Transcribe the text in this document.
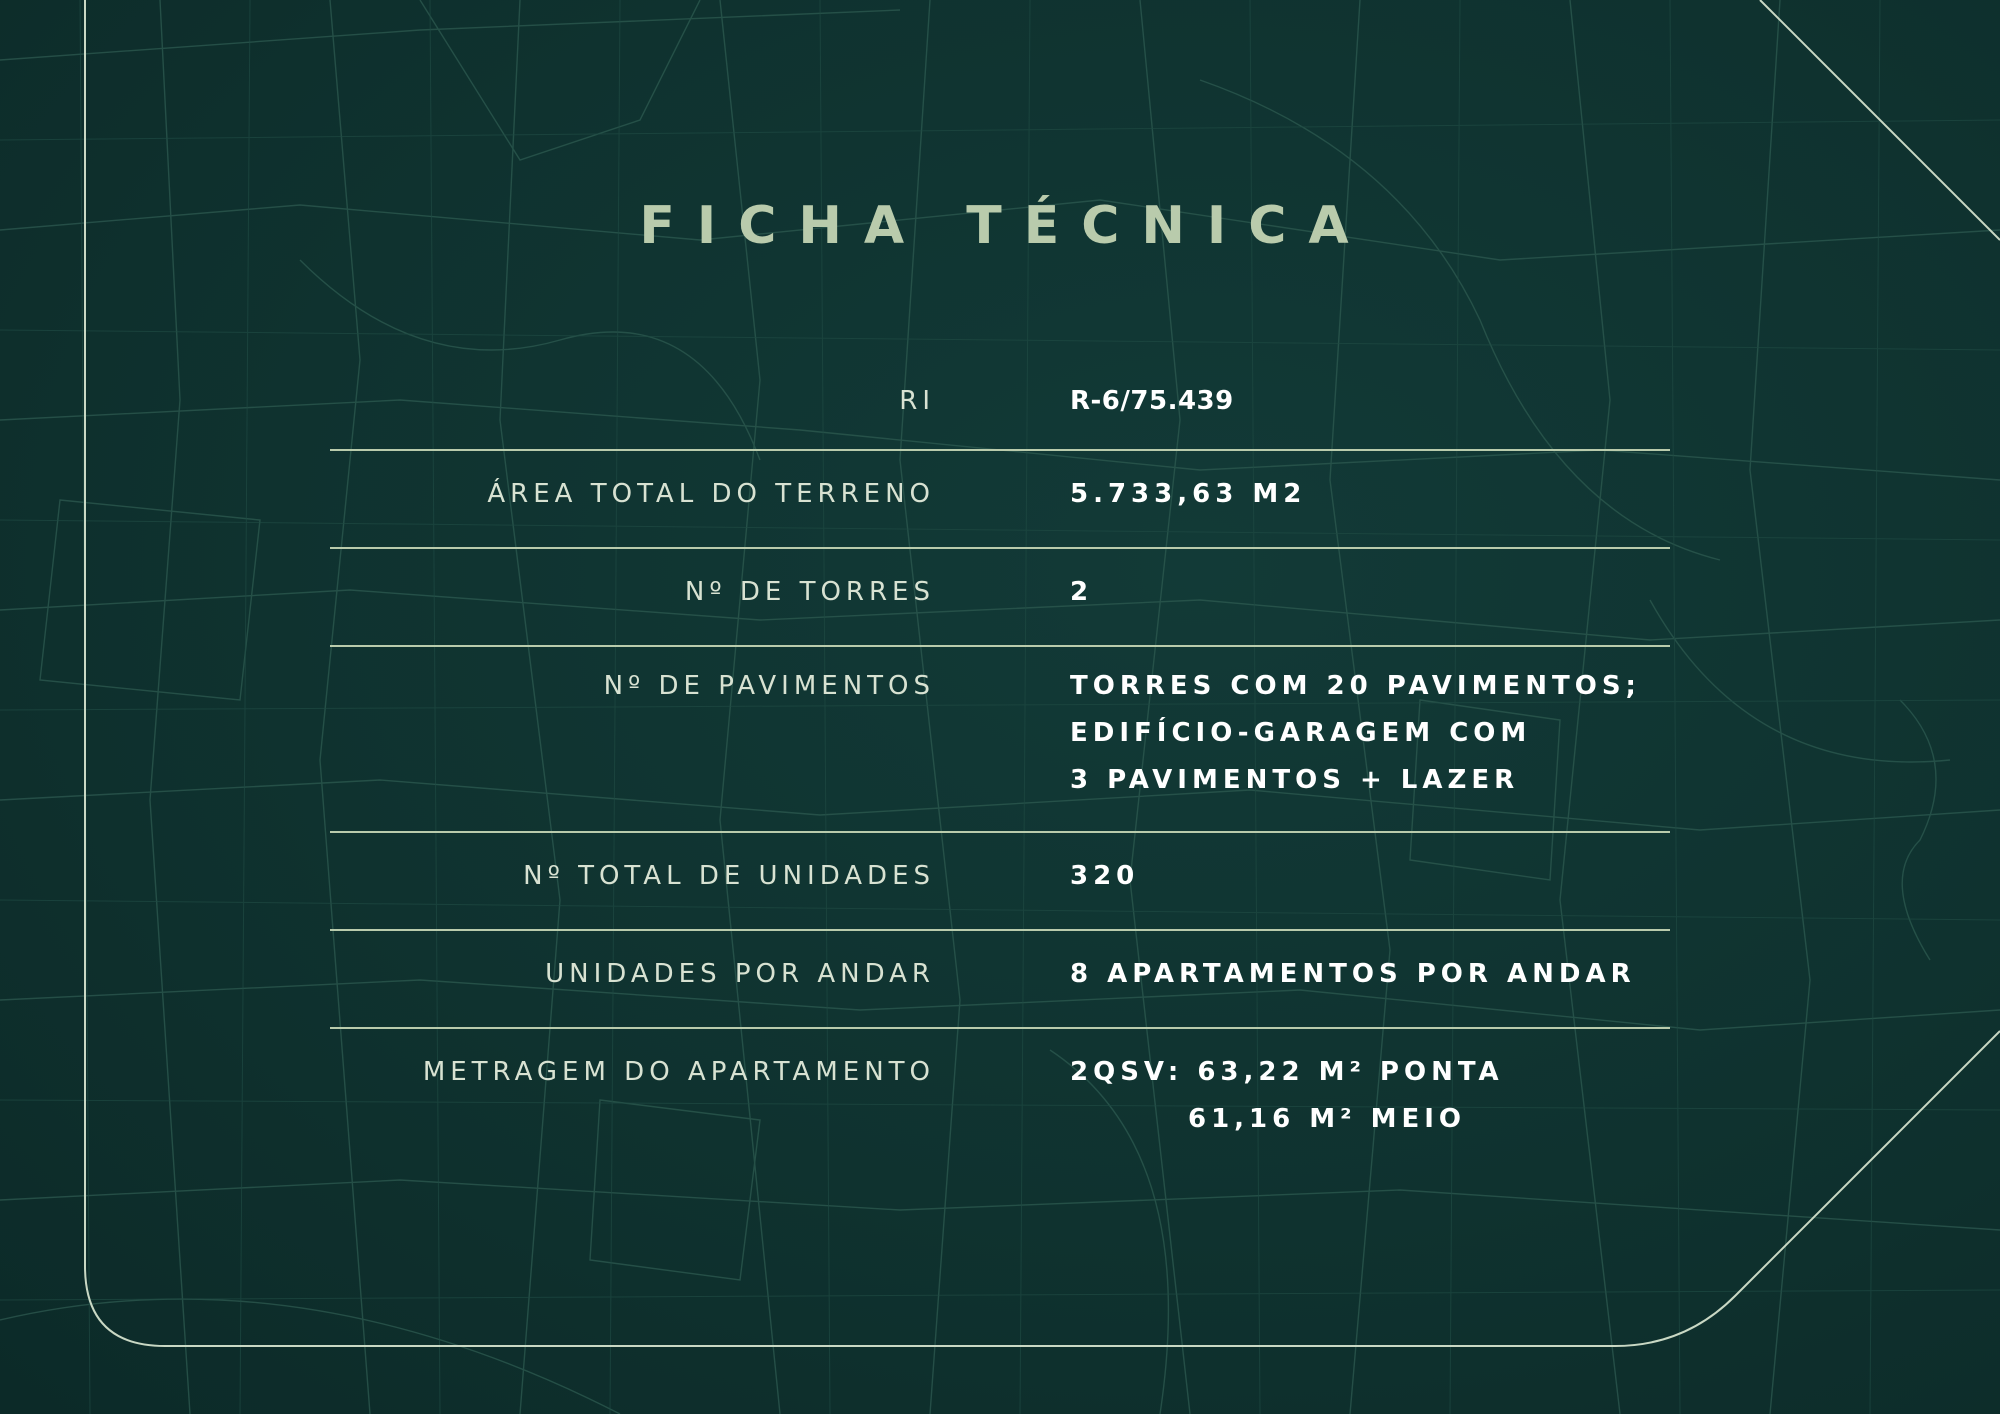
FICHA TÉCNICA
RI	R-6/75.439
ÁREA TOTAL DO TERRENO	5.733,63 M2
Nº DE TORRES	2
Nº DE PAVIMENTOS	TORRES COM 20 PAVIMENTOS;
EDIFÍCIO-GARAGEM COM
3 PAVIMENTOS + LAZER
Nº TOTAL DE UNIDADES	320
UNIDADES POR ANDAR	8 APARTAMENTOS POR ANDAR
METRAGEM DO APARTAMENTO	2QSV: 63,22 M² PONTA
61,16 M² MEIO
